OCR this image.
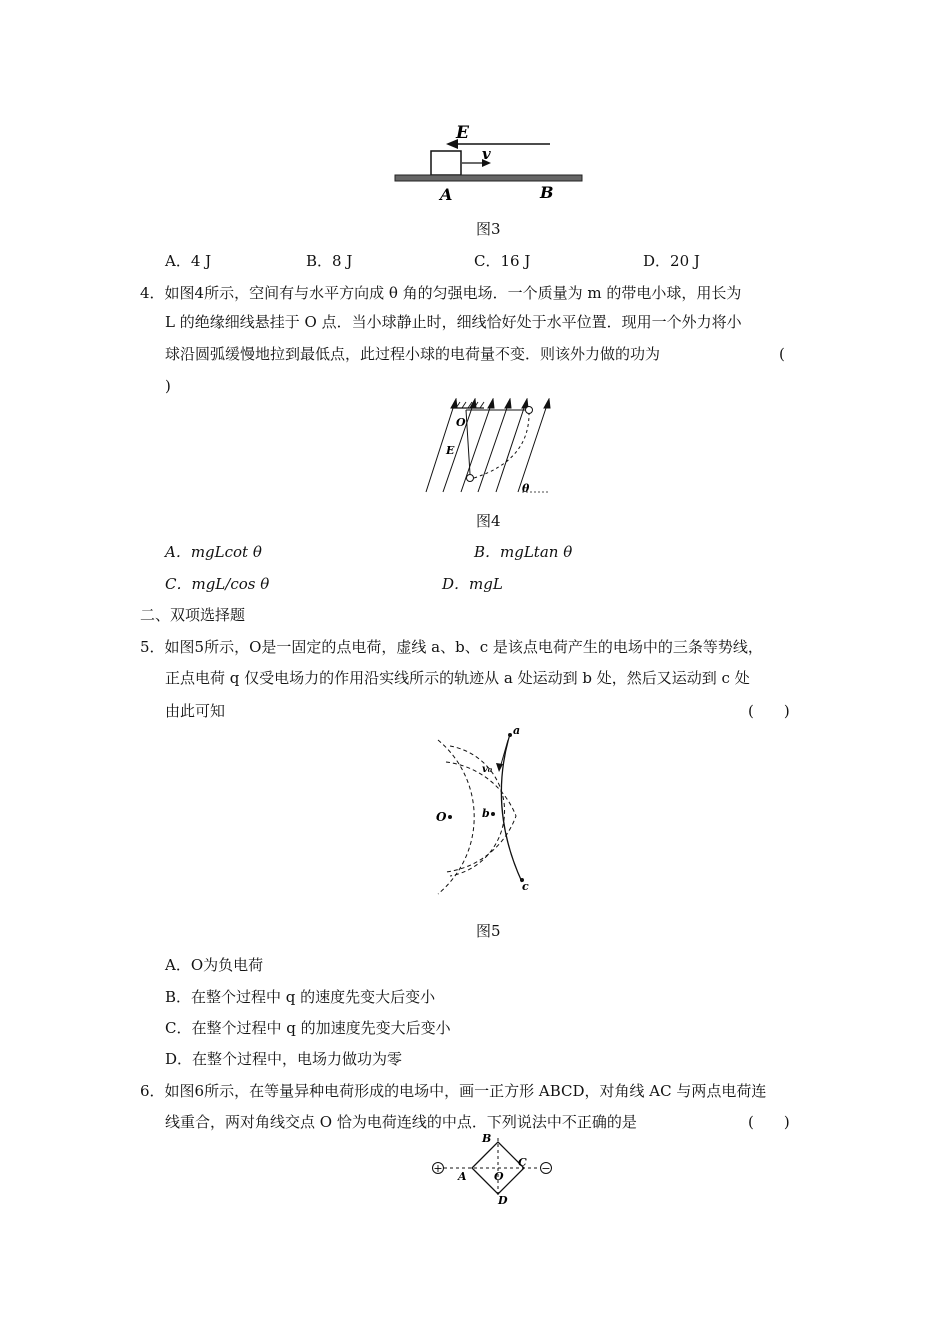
E
v
A	B
图3
A．4 J	B．8 J	C．16 J	D．20 J
4．如图4所示，空间有与水平方向成 θ 角的匀强电场．一个质量为 m 的带电小球，用长为
L 的绝缘细线悬挂于 O 点．当小球静止时，细线恰好处于水平位置．现用一个外力将小
球沿圆弧缓慢地拉到最低点，此过程小球的电荷量不变．则该外力做的功为	(
)
O
E
θ
图4
A．mgLcot θ	B．mgLtan θ
C．mgL/cos θ	D．mgL
二、双项选择题
5．如图5所示，O是一固定的点电荷，虚线 a、b、c 是该点电荷产生的电场中的三条等势线，
正点电荷 q 仅受电场力的作用沿实线所示的轨迹从 a 处运动到 b 处，然后又运动到 c 处
由此可知	(　　)
a
b
c
O
v₀
图5
A．O为负电荷
B．在整个过程中 q 的速度先变大后变小
C．在整个过程中 q 的加速度先变大后变小
D．在整个过程中，电场力做功为零
6．如图6所示，在等量异种电荷形成的电场中，画一正方形 ABCD，对角线 AC 与两点电荷连
线重合，两对角线交点 O 恰为电荷连线的中点．下列说法中不正确的是	(　　)
+	−
A
B
C
D
O
